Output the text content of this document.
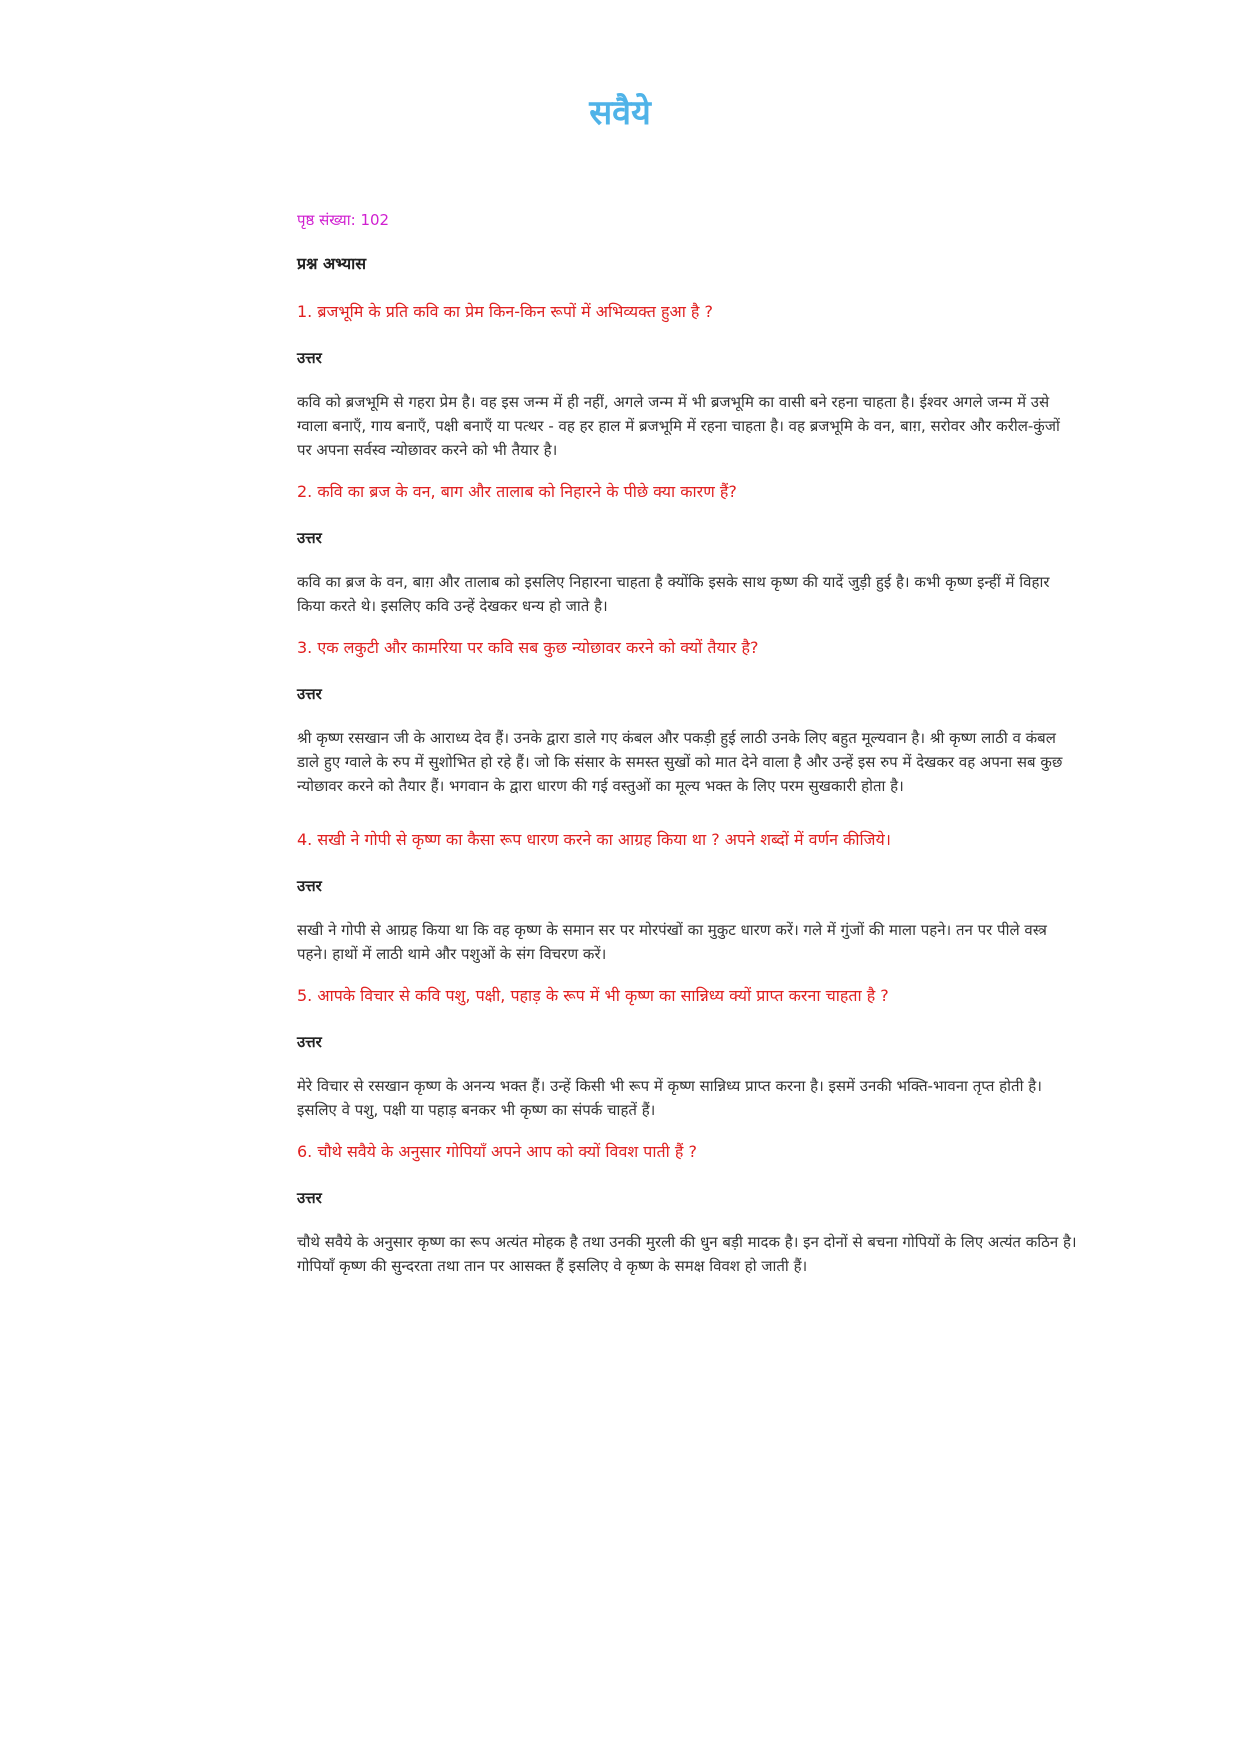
सवैये

पृष्ठ संख्या: 102

प्रश्न अभ्यास

1. ब्रजभूमि के प्रति कवि का प्रेम किन-किन रूपों में अभिव्यक्त हुआ है ?

उत्तर

कवि को ब्रजभूमि से गहरा प्रेम है। वह इस जन्म में ही नहीं, अगले जन्म में भी ब्रजभूमि का वासी बने रहना चाहता है। ईश्वर अगले जन्म में उसे ग्वाला बनाएँ, गाय बनाएँ, पक्षी बनाएँ या पत्थर - वह हर हाल में ब्रजभूमि में रहना चाहता है। वह ब्रजभूमि के वन, बाग़, सरोवर और करील-कुंजों पर अपना सर्वस्व न्योछावर करने को भी तैयार है।

2. कवि का ब्रज के वन, बाग और तालाब को निहारने के पीछे क्या कारण हैं?

उत्तर

कवि का ब्रज के वन, बाग़ और तालाब को इसलिए निहारना चाहता है क्योंकि इसके साथ कृष्ण की यादें जुड़ी हुई है। कभी कृष्ण इन्हीं में विहार किया करते थे। इसलिए कवि उन्हें देखकर धन्य हो जाते है।

3. एक लकुटी और कामरिया पर कवि सब कुछ न्योछावर करने को क्यों तैयार है?

उत्तर

श्री कृष्ण रसखान जी के आराध्य देव हैं। उनके द्वारा डाले गए कंबल और पकड़ी हुई लाठी उनके लिए बहुत मूल्यवान है। श्री कृष्ण लाठी व कंबल डाले हुए ग्वाले के रुप में सुशोभित हो रहे हैं। जो कि संसार के समस्त सुखों को मात देने वाला है और उन्हें इस रुप में देखकर वह अपना सब कुछ न्योछावर करने को तैयार हैं। भगवान के द्वारा धारण की गई वस्तुओं का मूल्य भक्त के लिए परम सुखकारी होता है।

4. सखी ने गोपी से कृष्ण का कैसा रूप धारण करने का आग्रह किया था ? अपने शब्दों में वर्णन कीजिये।

उत्तर

सखी ने गोपी से आग्रह किया था कि वह कृष्ण के समान सर पर मोरपंखों का मुकुट धारण करें। गले में गुंजों की माला पहने। तन पर पीले वस्त्र पहने। हाथों में लाठी थामे और पशुओं के संग विचरण करें।

5. आपके विचार से कवि पशु, पक्षी, पहाड़ के रूप में भी कृष्ण का सान्निध्य क्यों प्राप्त करना चाहता है ?

उत्तर

मेरे विचार से रसखान कृष्ण के अनन्य भक्त हैं। उन्हें किसी भी रूप में कृष्ण सान्निध्य प्राप्त करना है। इसमें उनकी भक्ति-भावना तृप्त होती है। इसलिए वे पशु, पक्षी या पहाड़ बनकर भी कृष्ण का संपर्क चाहतें हैं।

6. चौथे सवैये के अनुसार गोपियाँ अपने आप को क्यों विवश पाती हैं ?

उत्तर

चौथे सवैये के अनुसार कृष्ण का रूप अत्यंत मोहक है तथा उनकी मुरली की धुन बड़ी मादक है। इन दोनों से बचना गोपियों के लिए अत्यंत कठिन है। गोपियाँ कृष्ण की सुन्दरता तथा तान पर आसक्त हैं इसलिए वे कृष्ण के समक्ष विवश हो जाती हैं।
